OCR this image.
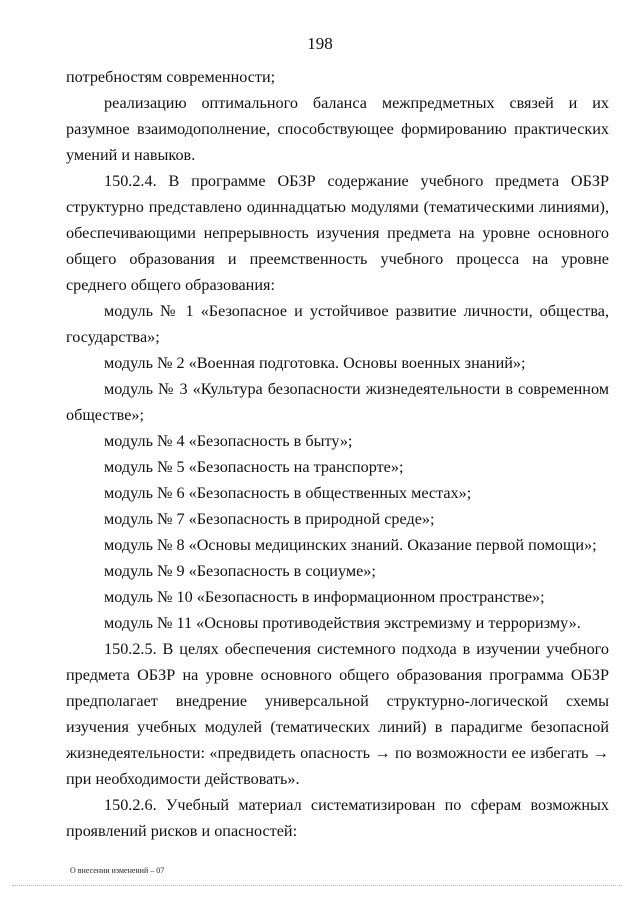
198

потребностям современности;

реализацию оптимального баланса межпредметных связей и их разумное взаимодополнение, способствующее формированию практических умений и навыков.

150.2.4. В программе ОБЗР содержание учебного предмета ОБЗР структурно представлено одиннадцатью модулями (тематическими линиями), обеспечивающими непрерывность изучения предмета на уровне основного общего образования и преемственность учебного процесса на уровне среднего общего образования:

модуль № 1 «Безопасное и устойчивое развитие личности, общества, государства»;

модуль № 2 «Военная подготовка. Основы военных знаний»;

модуль № 3 «Культура безопасности жизнедеятельности в современном обществе»;

модуль № 4 «Безопасность в быту»;

модуль № 5 «Безопасность на транспорте»;

модуль № 6 «Безопасность в общественных местах»;

модуль № 7 «Безопасность в природной среде»;

модуль № 8 «Основы медицинских знаний. Оказание первой помощи»;

модуль № 9 «Безопасность в социуме»;

модуль № 10 «Безопасность в информационном пространстве»;

модуль № 11 «Основы противодействия экстремизму и терроризму».

150.2.5. В целях обеспечения системного подхода в изучении учебного предмета ОБЗР на уровне основного общего образования программа ОБЗР предполагает внедрение универсальной структурно-логической схемы изучения учебных модулей (тематических линий) в парадигме безопасной жизнедеятельности: «предвидеть опасность → по возможности ее избегать → при необходимости действовать».

150.2.6. Учебный материал систематизирован по сферам возможных проявлений рисков и опасностей:

О внесении изменений – 07
